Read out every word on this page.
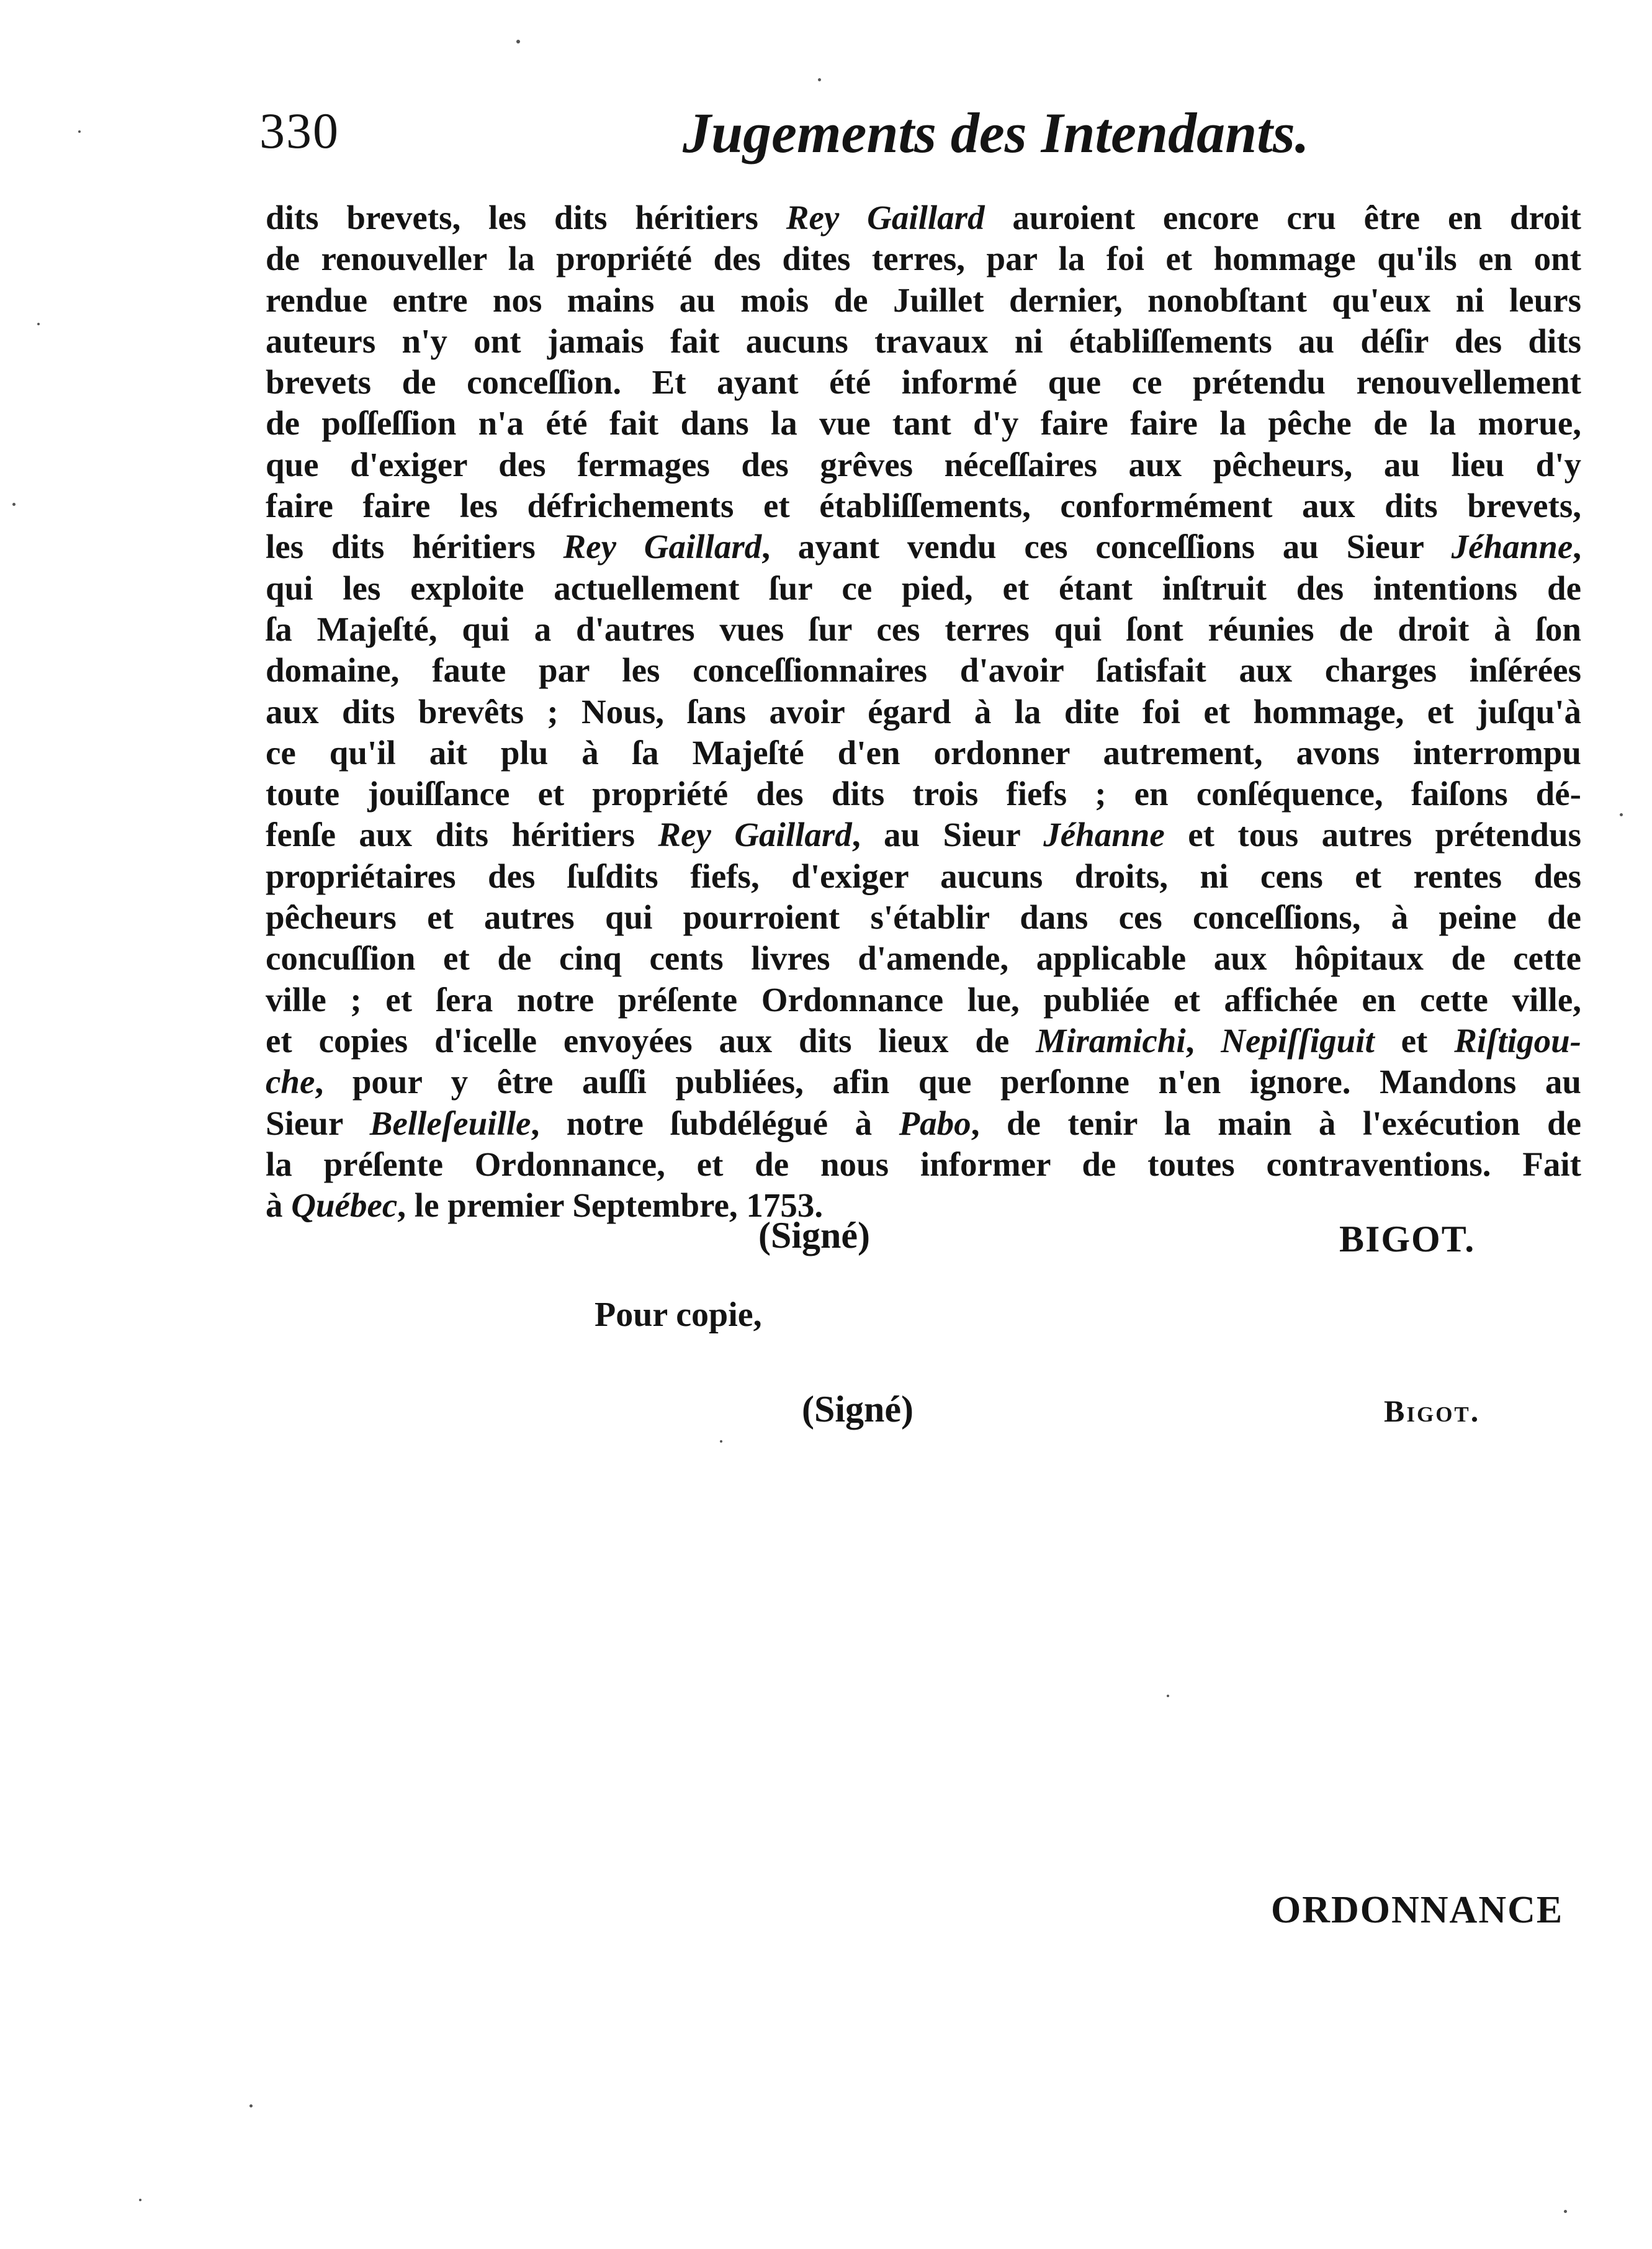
330	Jugements des Intendants.
dits brevets, les dits héritiers Rey Gaillard auroient encore cru être en droit
de renouveller la propriété des dites terres, par la foi et hommage qu'ils en ont
rendue entre nos mains au mois de Juillet dernier, nonobſtant qu'eux ni leurs
auteurs n'y ont jamais fait aucuns travaux ni établiſſements au déſir des dits
brevets de conceſſion. Et ayant été informé que ce prétendu renouvellement
de poſſeſſion n'a été fait dans la vue tant d'y faire faire la pêche de la morue,
que d'exiger des fermages des grêves néceſſaires aux pêcheurs, au lieu d'y
faire faire les défrichements et établiſſements, conformément aux dits brevets,
les dits héritiers Rey Gaillard, ayant vendu ces conceſſions au Sieur Jéhanne,
qui les exploite actuellement ſur ce pied, et étant inſtruit des intentions de
ſa Majeſté, qui a d'autres vues ſur ces terres qui ſont réunies de droit à ſon
domaine, faute par les conceſſionnaires d'avoir ſatisfait aux charges inſérées
aux dits brevêts ; Nous, ſans avoir égard à la dite foi et hommage, et juſqu'à
ce qu'il ait plu à ſa Majeſté d'en ordonner autrement, avons interrompu
toute jouiſſance et propriété des dits trois fiefs ; en conſéquence, faiſons dé-
fenſe aux dits héritiers Rey Gaillard, au Sieur Jéhanne et tous autres prétendus
propriétaires des ſuſdits fiefs, d'exiger aucuns droits, ni cens et rentes des
pêcheurs et autres qui pourroient s'établir dans ces conceſſions, à peine de
concuſſion et de cinq cents livres d'amende, applicable aux hôpitaux de cette
ville ; et ſera notre préſente Ordonnance lue, publiée et affichée en cette ville,
et copies d'icelle envoyées aux dits lieux de Miramichi, Nepiſſiguit et Riſtigou-
che, pour y être auſſi publiées, afin que perſonne n'en ignore. Mandons au
Sieur Belleſeuille, notre ſubdélégué à Pabo, de tenir la main à l'exécution de
la préſente Ordonnance, et de nous informer de toutes contraventions. Fait
à Québec, le premier Septembre, 1753.
(Signé)	BIGOT.
Pour copie,
(Signé)	Bigot.
ORDONNANCE
